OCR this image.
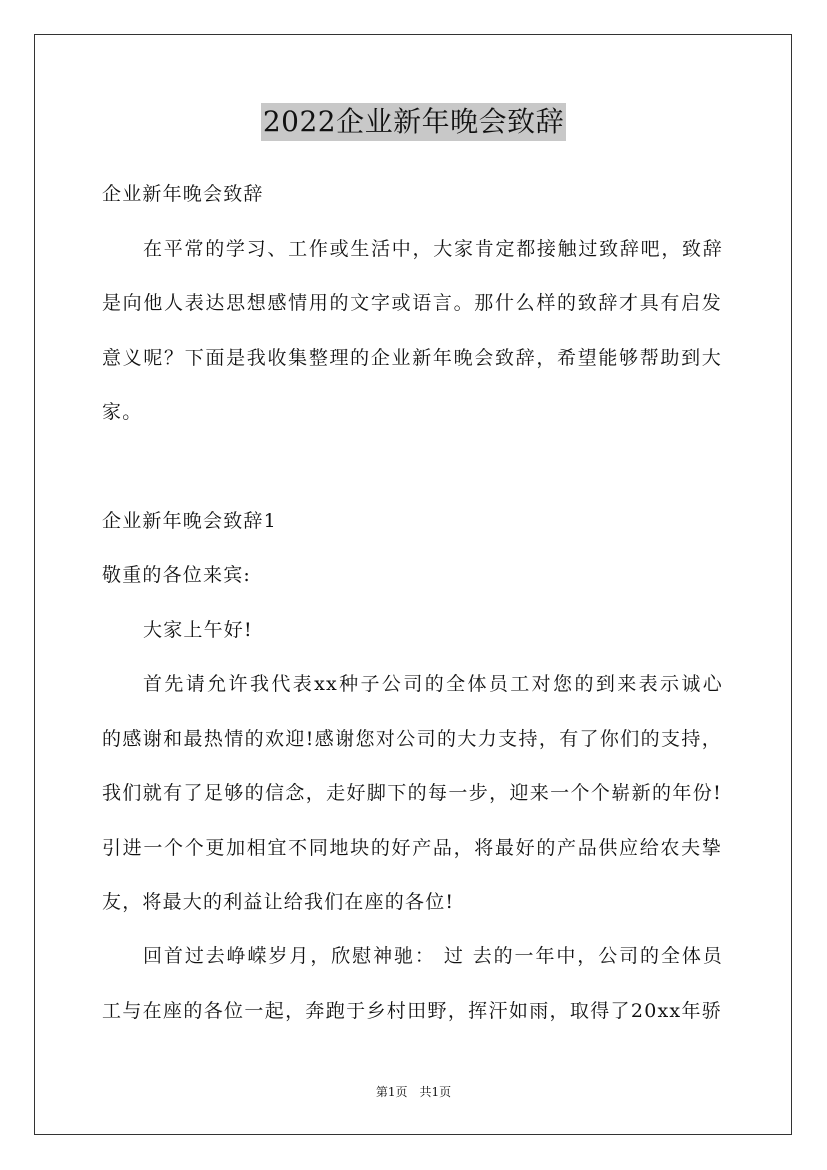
2022企业新年晚会致辞
企业新年晚会致辞
在平常的学习、工作或生活中，大家肯定都接触过致辞吧，致辞
是向他人表达思想感情用的文字或语言。那什么样的致辞才具有启发
意义呢？下面是我收集整理的企业新年晚会致辞，希望能够帮助到大
家。
企业新年晚会致辞1
敬重的各位来宾:
大家上午好!
首先请允许我代表xx种子公司的全体员工对您的到来表示诚心
的感谢和最热情的欢迎!感谢您对公司的大力支持，有了你们的支持，
我们就有了足够的信念，走好脚下的每一步，迎来一个个崭新的年份!
引进一个个更加相宜不同地块的好产品，将最好的产品供应给农夫挚
友，将最大的利益让给我们在座的各位!
回首过去峥嵘岁月，欣慰神驰： 过 去的一年中，公司的全体员
工与在座的各位一起，奔跑于乡村田野，挥汗如雨，取得了20xx年骄
第1页　共1页
